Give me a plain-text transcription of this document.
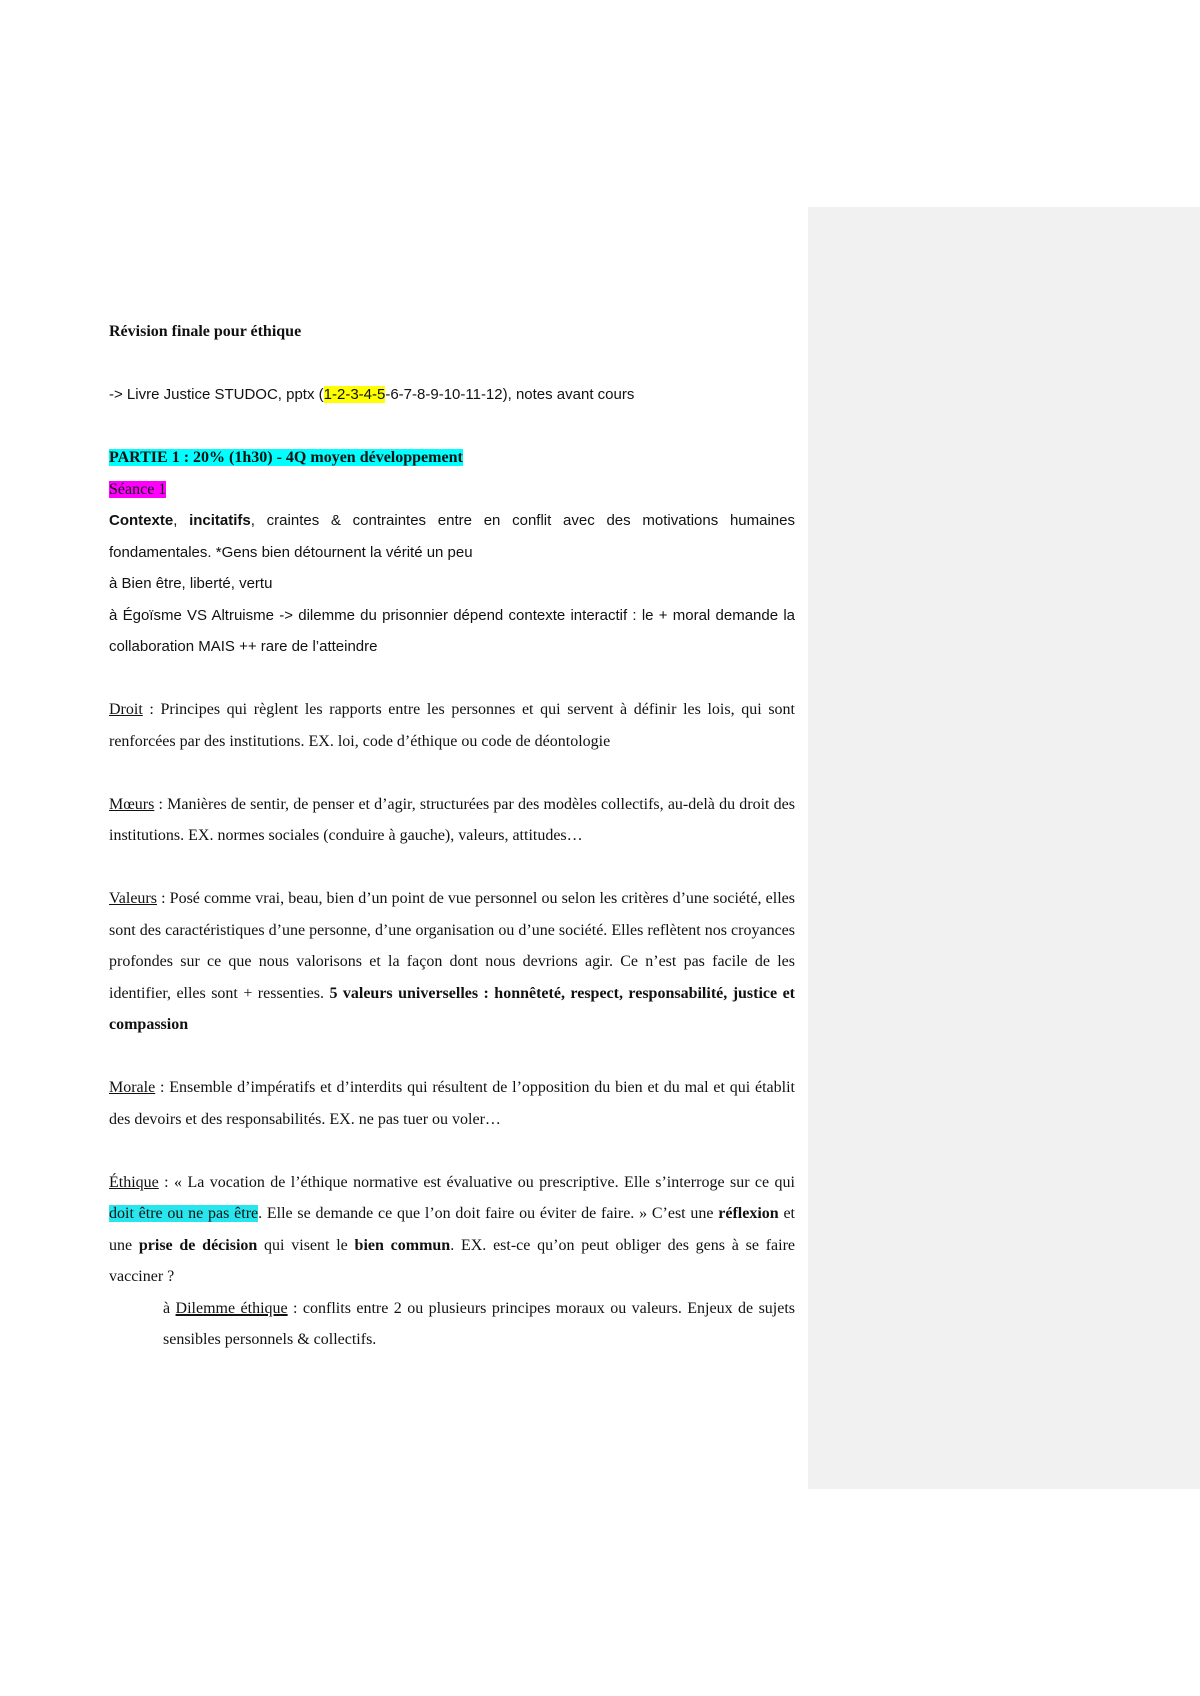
Révision finale pour éthique

-> Livre Justice STUDOC, pptx (1-2-3-4-5-6-7-8-9-10-11-12), notes avant cours

PARTIE 1 : 20% (1h30) - 4Q moyen développement

Séance 1

Contexte, incitatifs, craintes & contraintes entre en conflit avec des motivations humaines fondamentales. *Gens bien détournent la vérité un peu

à Bien être, liberté, vertu

à Égoïsme VS Altruisme -> dilemme du prisonnier dépend contexte interactif : le + moral demande la collaboration MAIS ++ rare de l’atteindre

Droit : Principes qui règlent les rapports entre les personnes et qui servent à définir les lois, qui sont renforcées par des institutions. EX. loi, code d’éthique ou code de déontologie

Mœurs : Manières de sentir, de penser et d’agir, structurées par des modèles collectifs, au-delà du droit des institutions. EX. normes sociales (conduire à gauche), valeurs, attitudes…

Valeurs : Posé comme vrai, beau, bien d’un point de vue personnel ou selon les critères d’une société, elles sont des caractéristiques d’une personne, d’une organisation ou d’une société. Elles reflètent nos croyances profondes sur ce que nous valorisons et la façon dont nous devrions agir. Ce n’est pas facile de les identifier, elles sont + ressenties. 5 valeurs universelles : honnêteté, respect, responsabilité, justice et compassion

Morale : Ensemble d’impératifs et d’interdits qui résultent de l’opposition du bien et du mal et qui établit des devoirs et des responsabilités. EX. ne pas tuer ou voler…

Éthique : « La vocation de l’éthique normative est évaluative ou prescriptive. Elle s’interroge sur ce qui doit être ou ne pas être. Elle se demande ce que l’on doit faire ou éviter de faire. » C’est une réflexion et une prise de décision qui visent le bien commun. EX. est-ce qu’on peut obliger des gens à se faire vacciner ?

à Dilemme éthique : conflits entre 2 ou plusieurs principes moraux ou valeurs. Enjeux de sujets sensibles personnels & collectifs.
